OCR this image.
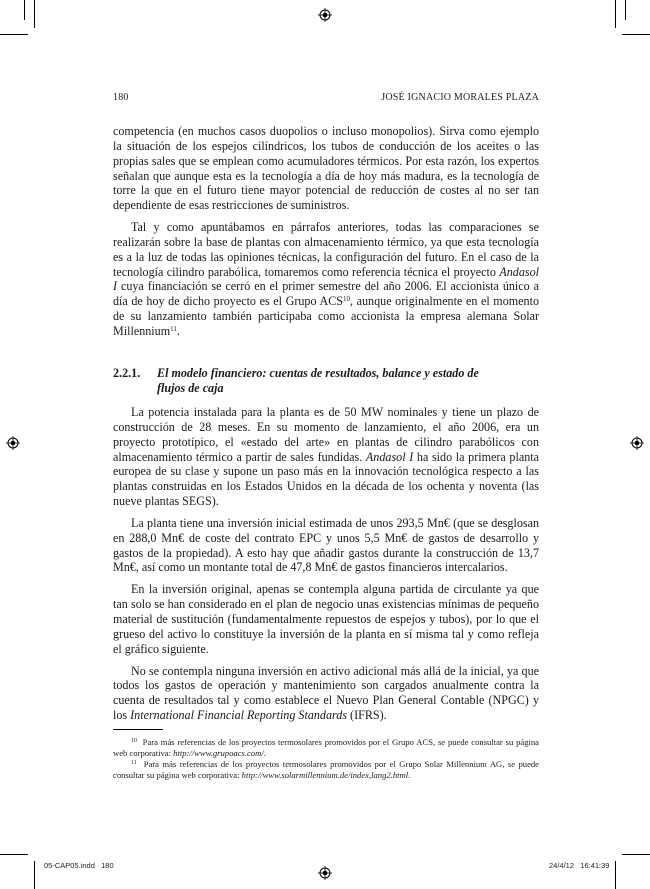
180	JOSÉ IGNACIO MORALES PLAZA

competencia (en muchos casos duopolios o incluso monopolios). Sirva como ejemplo la situación de los espejos cilíndricos, los tubos de conducción de los aceites o las propias sales que se emplean como acumuladores térmicos. Por esta razón, los expertos señalan que aunque esta es la tecnología a día de hoy más madura, es la tecnología de torre la que en el futuro tiene mayor potencial de reducción de costes al no ser tan dependiente de esas restricciones de suministros.

Tal y como apuntábamos en párrafos anteriores, todas las comparaciones se realizarán sobre la base de plantas con almacenamiento térmico, ya que esta tecnología es a la luz de todas las opiniones técnicas, la configuración del futuro. En el caso de la tecnología cilindro parabólica, tomaremos como referencia técnica el proyecto Andasol I cuya financiación se cerró en el primer semestre del año 2006. El accionista único a día de hoy de dicho proyecto es el Grupo ACS$^{10}$, aunque originalmente en el momento de su lanzamiento también participaba como accionista la empresa alemana Solar Millennium$^{11}$.

2.2.1. El modelo financiero: cuentas de resultados, balance y estado de flujos de caja

La potencia instalada para la planta es de 50 MW nominales y tiene un plazo de construcción de 28 meses. En su momento de lanzamiento, el año 2006, era un proyecto prototípico, el «estado del arte» en plantas de cilindro parabólicos con almacenamiento térmico a partir de sales fundidas. Andasol I ha sido la primera planta europea de su clase y supone un paso más en la innovación tecnológica respecto a las plantas construidas en los Estados Unidos en la década de los ochenta y noventa (las nueve plantas SEGS).

La planta tiene una inversión inicial estimada de unos 293,5 Mn€ (que se desglosan en 288,0 Mn€ de coste del contrato EPC y unos 5,5 Mn€ de gastos de desarrollo y gastos de la propiedad). A esto hay que añadir gastos durante la construcción de 13,7 Mn€, así como un montante total de 47,8 Mn€ de gastos financieros intercalarios.

En la inversión original, apenas se contempla alguna partida de circulante ya que tan solo se han considerado en el plan de negocio unas existencias mínimas de pequeño material de sustitución (fundamentalmente repuestos de espejos y tubos), por lo que el grueso del activo lo constituye la inversión de la planta en sí misma tal y como refleja el gráfico siguiente.

No se contempla ninguna inversión en activo adicional más allá de la inicial, ya que todos los gastos de operación y mantenimiento son cargados anualmente contra la cuenta de resultados tal y como establece el Nuevo Plan General Contable (NPGC) y los International Financial Reporting Standards (IFRS).

$^{10}$ Para más referencias de los proyectos termosolares promovidos por el Grupo ACS, se puede consultar su página web corporativa: http://www.grupoacs.com/.

$^{11}$ Para más referencias de los proyectos termosolares promovidos por el Grupo Solar Millennium AG, se puede consultar su página web corporativa: http://www.solarmillennium.de/index,lang2.html.

05-CAP05.indd   180	24/4/12   16:41:39
